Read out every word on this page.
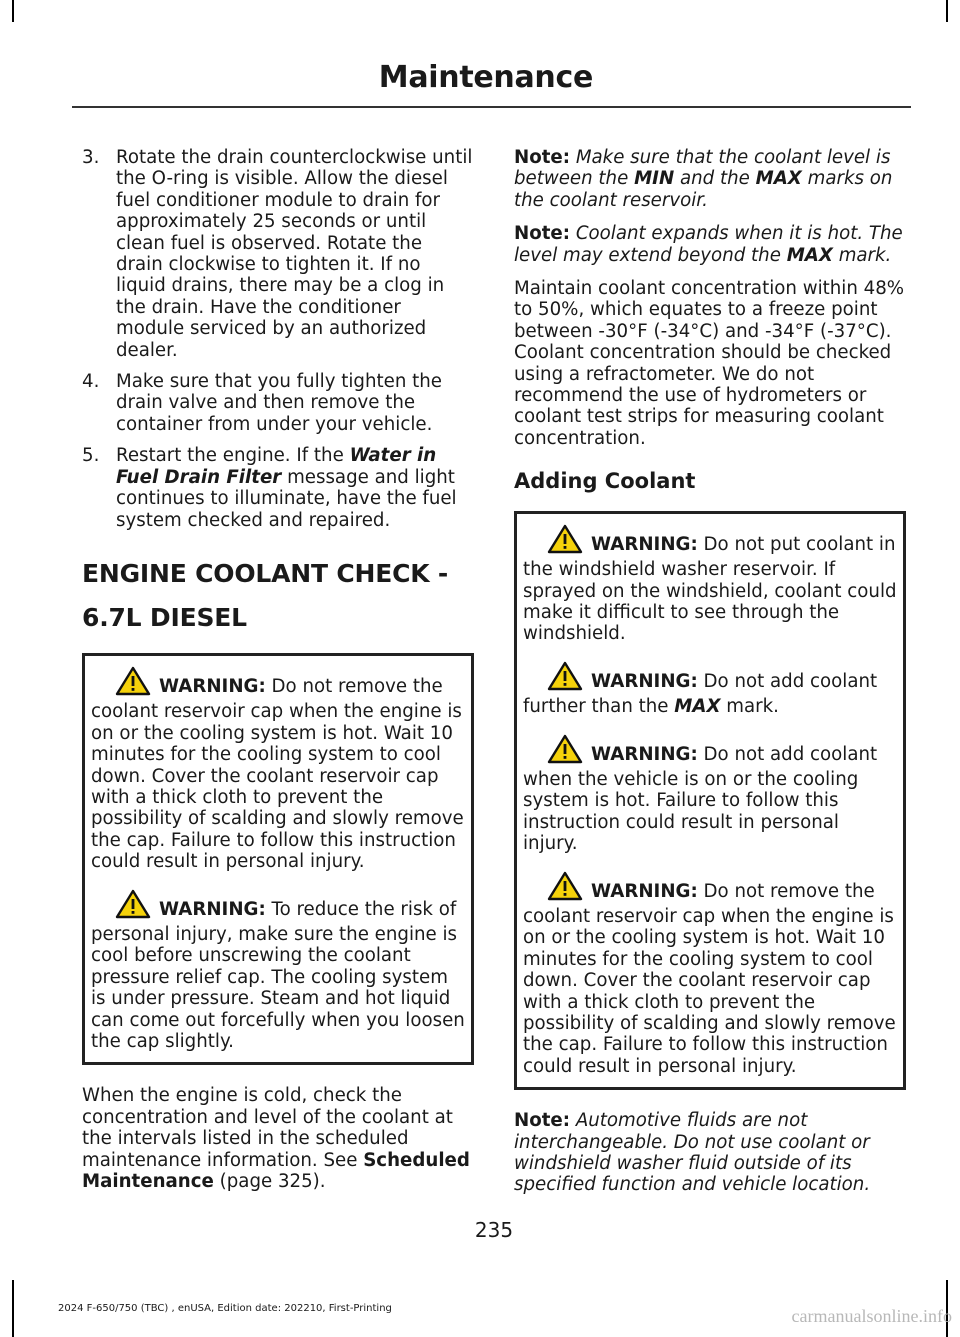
Maintenance
3. Rotate the drain counterclockwise until the O-ring is visible. Allow the diesel fuel conditioner module to drain for approximately 25 seconds or until clean fuel is observed. Rotate the drain clockwise to tighten it. If no liquid drains, there may be a clog in the drain. Have the conditioner module serviced by an authorized dealer.
4. Make sure that you fully tighten the drain valve and then remove the container from under your vehicle.
5. Restart the engine. If the Water in Fuel Drain Filter message and light continues to illuminate, have the fuel system checked and repaired.
ENGINE COOLANT CHECK -
6.7L DIESEL

WARNING: Do not remove the coolant reservoir cap when the engine is on or the cooling system is hot. Wait 10 minutes for the cooling system to cool down. Cover the coolant reservoir cap with a thick cloth to prevent the possibility of scalding and slowly remove the cap. Failure to follow this instruction could result in personal injury.

WARNING: To reduce the risk of personal injury, make sure the engine is cool before unscrewing the coolant pressure relief cap. The cooling system is under pressure. Steam and hot liquid can come out forcefully when you loosen the cap slightly.

When the engine is cold, check the concentration and level of the coolant at the intervals listed in the scheduled maintenance information. See Scheduled Maintenance (page 325).

Note: Make sure that the coolant level is between the MIN and the MAX marks on the coolant reservoir.

Note: Coolant expands when it is hot. The level may extend beyond the MAX mark.

Maintain coolant concentration within 48% to 50%, which equates to a freeze point between -30°F (-34°C) and -34°F (-37°C). Coolant concentration should be checked using a refractometer. We do not recommend the use of hydrometers or coolant test strips for measuring coolant concentration.

Adding Coolant

WARNING: Do not put coolant in the windshield washer reservoir. If sprayed on the windshield, coolant could make it difficult to see through the windshield.

WARNING: Do not add coolant further than the MAX mark.

WARNING: Do not add coolant when the vehicle is on or the cooling system is hot. Failure to follow this instruction could result in personal injury.

WARNING: Do not remove the coolant reservoir cap when the engine is on or the cooling system is hot. Wait 10 minutes for the cooling system to cool down. Cover the coolant reservoir cap with a thick cloth to prevent the possibility of scalding and slowly remove the cap. Failure to follow this instruction could result in personal injury.

Note: Automotive fluids are not interchangeable. Do not use coolant or windshield washer fluid outside of its specified function and vehicle location.

235
2024 F-650/750 (TBC) , enUSA, Edition date: 202210, First-Printing	carmanualsonline.info
